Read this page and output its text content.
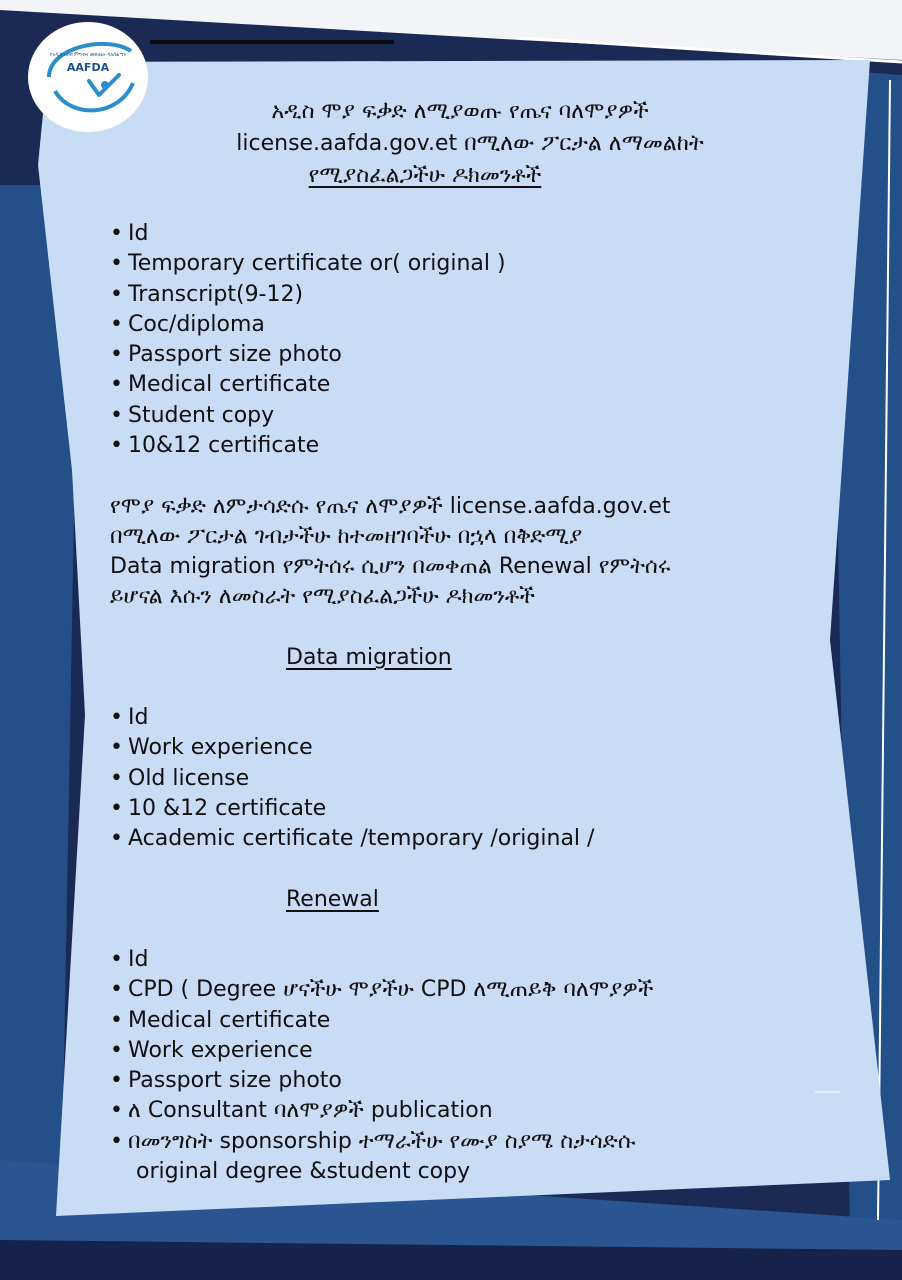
የአዲስ አበባ ምግብና መድኃኒት ባለስልጣን
AAFDA
አዲስ ሞያ ፍቃድ ለሚያወጡ የጤና ባለሞያዎች
license.aafda.gov.et በሚለው ፖርታል ለማመልከት
የሚያስፈልጋችሁ ዶክመንቶች
• Id
• Temporary certificate or( original )
• Transcript(9-12)
• Coc/diploma
• Passport size photo
• Medical certificate
• Student copy
• 10&12 certificate
የሞያ ፍቃድ ለምታሳድሱ የጤና ለሞያዎች license.aafda.gov.et
በሚለው ፖርታል ገብታችሁ ከተመዘገባችሁ በኋላ በቅድሚያ
Data migration የምትሰሩ ሲሆን በመቀጠል Renewal የምትሰሩ
ይሆናል እሱን ለመስራት የሚያስፈልጋችሁ ዶክመንቶች
Data migration
• Id
• Work experience
• Old license
• 10 &12 certificate
• Academic certificate /temporary /original /
Renewal
• Id
• CPD ( Degree ሆናችሁ ሞያችሁ CPD ለሚጠይቅ ባለሞያዎች
• Medical certificate
• Work experience
• Passport size photo
• ለ Consultant ባለሞያዎች publication
• በመንግስት sponsorship ተማራችሁ የሙያ ስያሜ ስታሳድሱ
original degree &student copy
